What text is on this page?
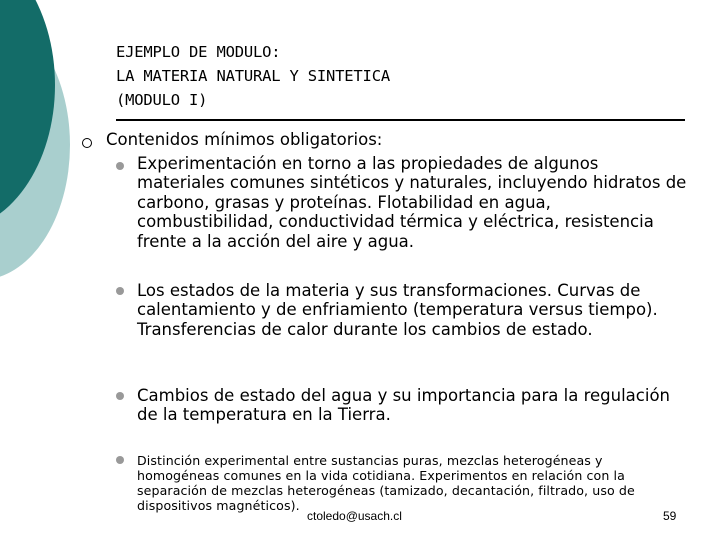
EJEMPLO DE MODULO:
LA MATERIA NATURAL Y SINTETICA
(MODULO I)
Contenidos mínimos obligatorios:
Experimentación en torno a las propiedades de algunos materiales comunes sintéticos y naturales, incluyendo hidratos de carbono, grasas y proteínas. Flotabilidad en agua, combustibilidad, conductividad térmica y eléctrica, resistencia frente a la acción del aire y agua.
Los estados de la materia y sus transformaciones. Curvas de calentamiento y de enfriamiento (temperatura versus tiempo). Transferencias de calor durante los cambios de estado.
Cambios de estado del agua y su importancia para la regulación de la temperatura en la Tierra.
Distinción experimental entre sustancias puras, mezclas heterogéneas y homogéneas comunes en la vida cotidiana. Experimentos en relación con la separación de mezclas heterogéneas (tamizado, decantación, filtrado, uso de dispositivos magnéticos).
ctoledo@usach.cl	59
